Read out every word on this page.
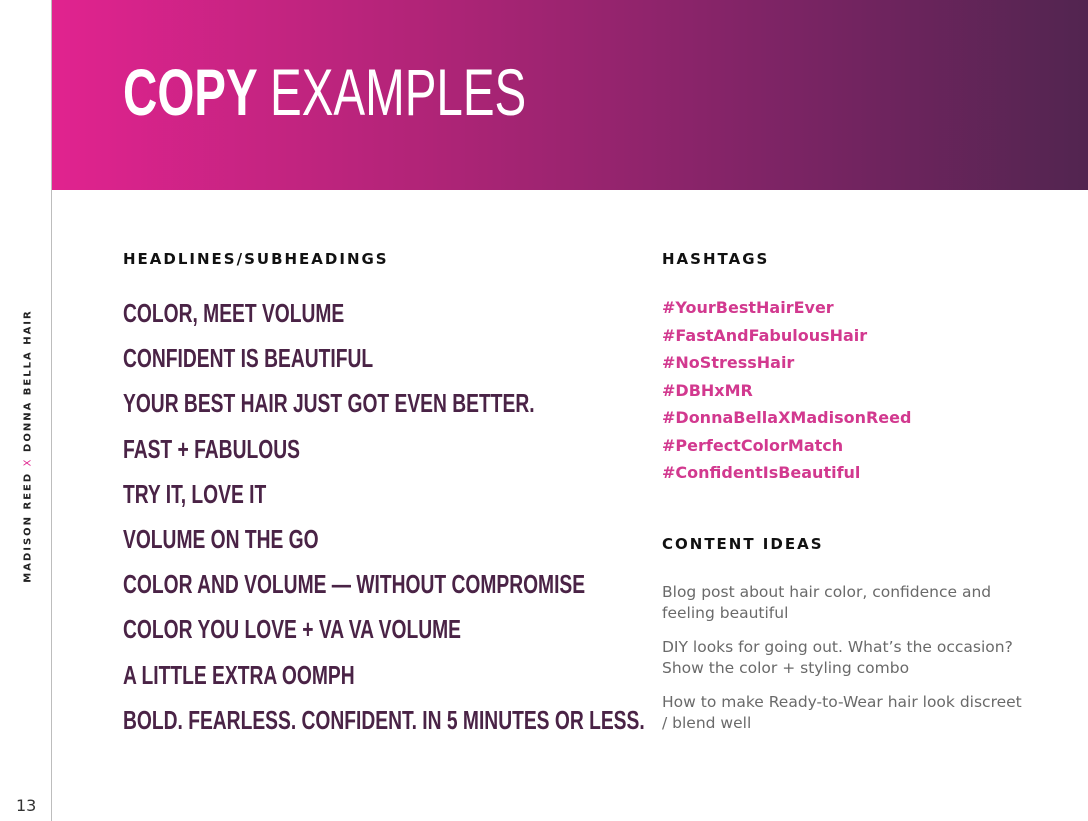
MADISON REED X DONNA BELLA HAIR
13
COPY EXAMPLES
HEADLINES/SUBHEADINGS
COLOR, MEET VOLUME
CONFIDENT IS BEAUTIFUL
YOUR BEST HAIR JUST GOT EVEN BETTER.
FAST + FABULOUS
TRY IT, LOVE IT
VOLUME ON THE GO
COLOR AND VOLUME — WITHOUT COMPROMISE
COLOR YOU LOVE + VA VA VOLUME
A LITTLE EXTRA OOMPH
BOLD. FEARLESS. CONFIDENT. IN 5 MINUTES OR LESS.
HASHTAGS
#YourBestHairEver
#FastAndFabulousHair
#NoStressHair
#DBHxMR
#DonnaBellaXMadisonReed
#PerfectColorMatch
#ConfidentIsBeautiful
CONTENT IDEAS

Blog post about hair color, confidence and feeling beautiful

DIY looks for going out. What’s the occasion? Show the color + styling combo

How to make Ready-to-Wear hair look discreet / blend well
